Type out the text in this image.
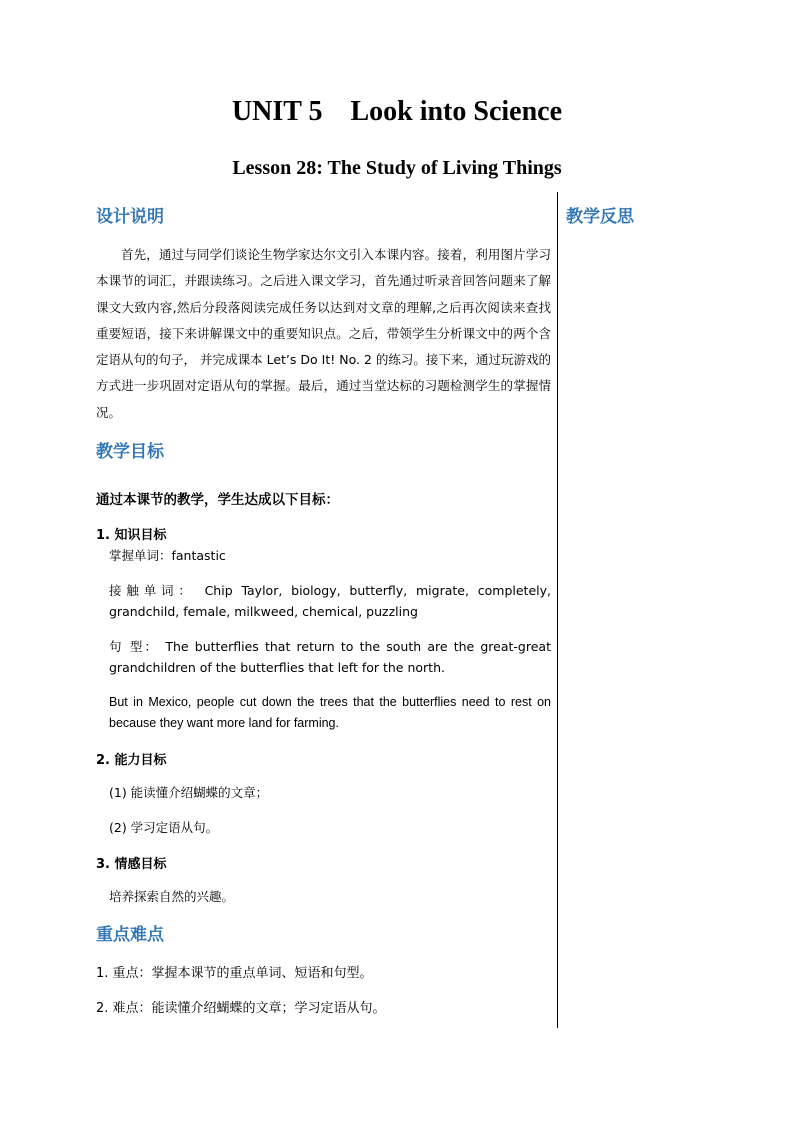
UNIT 5    Look into Science
Lesson 28: The Study of Living Things
设计说明	教学反思
首先，通过与同学们谈论生物学家达尔文引入本课内容。接着，利用图片学习本课节的词汇，并跟读练习。之后进入课文学习，首先通过听录音回答问题来了解课文大致内容,然后分段落阅读完成任务以达到对文章的理解,之后再次阅读来查找重要短语，接下来讲解课文中的重要知识点。之后，带领学生分析课文中的两个含定语从句的句子， 并完成课本 Let’s Do It! No. 2 的练习。接下来，通过玩游戏的方式进一步巩固对定语从句的掌握。最后，通过当堂达标的习题检测学生的掌握情况。
教学目标
通过本课节的教学，学生达成以下目标：
1. 知识目标
掌握单词：fantastic
接触单词： Chip Taylor, biology, butterfly, migrate, completely, grandchild, female, milkweed, chemical, puzzling
句 型： The butterflies that return to the south are the great-great grandchildren of the butterflies that left for the north.
But in Mexico, people cut down the trees that the butterflies need to rest on because they want more land for farming.
2. 能力目标
(1) 能读懂介绍蝴蝶的文章；
(2) 学习定语从句。
3. 情感目标
培养探索自然的兴趣。
重点难点
1. 重点：掌握本课节的重点单词、短语和句型。
2. 难点：能读懂介绍蝴蝶的文章；学习定语从句。
